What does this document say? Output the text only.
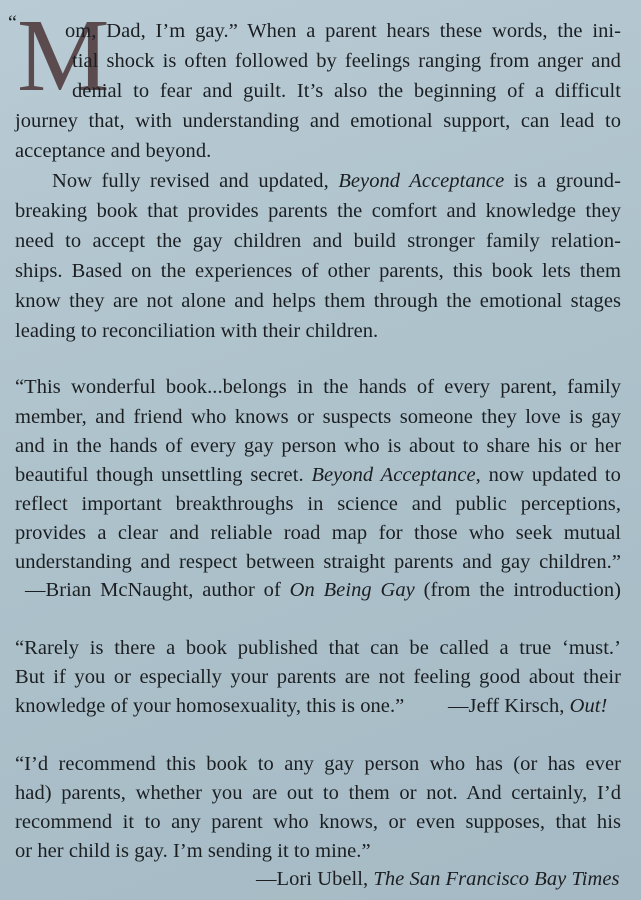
“ M
om, Dad, I’m gay.” When a parent hears these words, the ini-
tial shock is often followed by feelings ranging from anger and
denial to fear and guilt. It’s also the beginning of a difficult
journey that, with understanding and emotional support, can lead to
acceptance and beyond.
Now fully revised and updated, Beyond Acceptance is a ground-
breaking book that provides parents the comfort and knowledge they
need to accept the gay children and build stronger family relation-
ships. Based on the experiences of other parents, this book lets them
know they are not alone and helps them through the emotional stages
leading to reconciliation with their children.
“This wonderful book...belongs in the hands of every parent, family
member, and friend who knows or suspects someone they love is gay
and in the hands of every gay person who is about to share his or her
beautiful though unsettling secret. Beyond Acceptance, now updated to
reflect important breakthroughs in science and public perceptions,
provides a clear and reliable road map for those who seek mutual
understanding and respect between straight parents and gay children.”
—Brian McNaught, author of On Being Gay (from the introduction)
“Rarely is there a book published that can be called a true ‘must.’
But if you or especially your parents are not feeling good about their
knowledge of your homosexuality, this is one.” —Jeff Kirsch, Out!
“I’d recommend this book to any gay person who has (or has ever
had) parents, whether you are out to them or not. And certainly, I’d
recommend it to any parent who knows, or even supposes, that his
or her child is gay. I’m sending it to mine.”
—Lori Ubell, The San Francisco Bay Times
